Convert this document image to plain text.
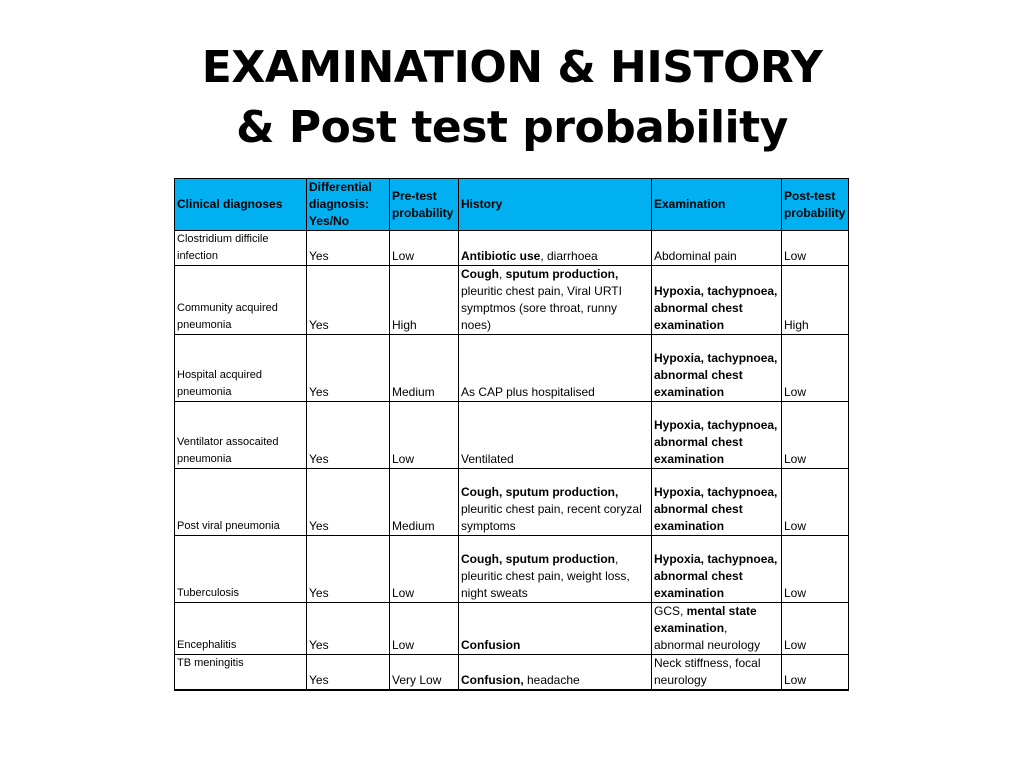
EXAMINATION & HISTORY
& Post test probability
Clinical diagnoses	Differential diagnosis: Yes/No	Pre-test probability	History	Examination	Post-test probability
Clostridium difficile infection	Yes	Low	Antibiotic use, diarrhoea	Abdominal pain	Low
Community acquired pneumonia	Yes	High	Cough, sputum production, pleuritic chest pain, Viral URTI symptmos (sore throat, runny noes)	Hypoxia, tachypnoea, abnormal chest examination	High
Hospital acquired pneumonia	Yes	Medium	As CAP plus hospitalised	Hypoxia, tachypnoea, abnormal chest examination	Low
Ventilator assocaited pneumonia	Yes	Low	Ventilated	Hypoxia, tachypnoea, abnormal chest examination	Low
Post viral pneumonia	Yes	Medium	Cough, sputum production, pleuritic chest pain, recent coryzal symptoms	Hypoxia, tachypnoea, abnormal chest examination	Low
Tuberculosis	Yes	Low	Cough, sputum production, pleuritic chest pain, weight loss, night sweats	Hypoxia, tachypnoea, abnormal chest examination	Low
Encephalitis	Yes	Low	Confusion	GCS, mental state examination, abnormal neurology	Low
TB meningitis	Yes	Very Low	Confusion, headache	Neck stiffness, focal neurology	Low
